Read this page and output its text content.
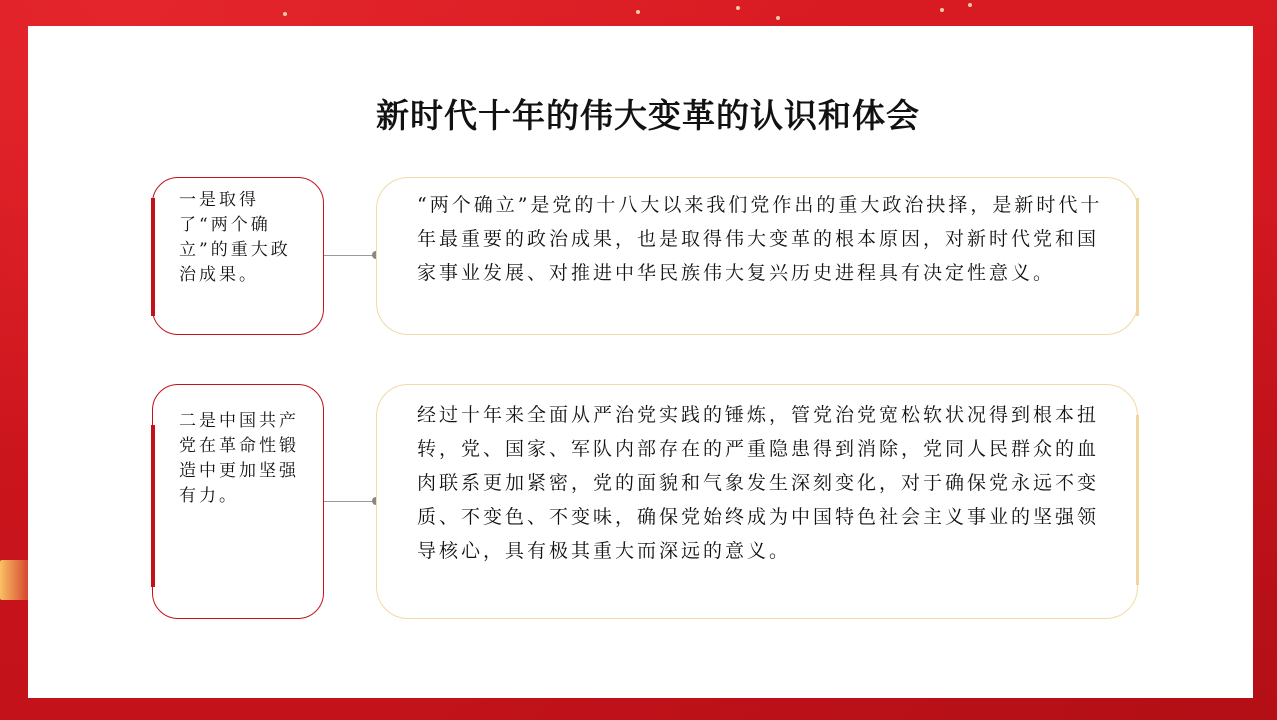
新时代十年的伟大变革的认识和体会
一是取得了“两个确立”的重大政治成果。
“两个确立”是党的十八大以来我们党作出的重大政治抉择，是新时代十年最重要的政治成果，也是取得伟大变革的根本原因，对新时代党和国家事业发展、对推进中华民族伟大复兴历史进程具有决定性意义。
二是中国共产党在革命性锻造中更加坚强有力。
经过十年来全面从严治党实践的锤炼，管党治党宽松软状况得到根本扭转，党、国家、军队内部存在的严重隐患得到消除，党同人民群众的血肉联系更加紧密，党的面貌和气象发生深刻变化，对于确保党永远不变质、不变色、不变味，确保党始终成为中国特色社会主义事业的坚强领导核心，具有极其重大而深远的意义。
